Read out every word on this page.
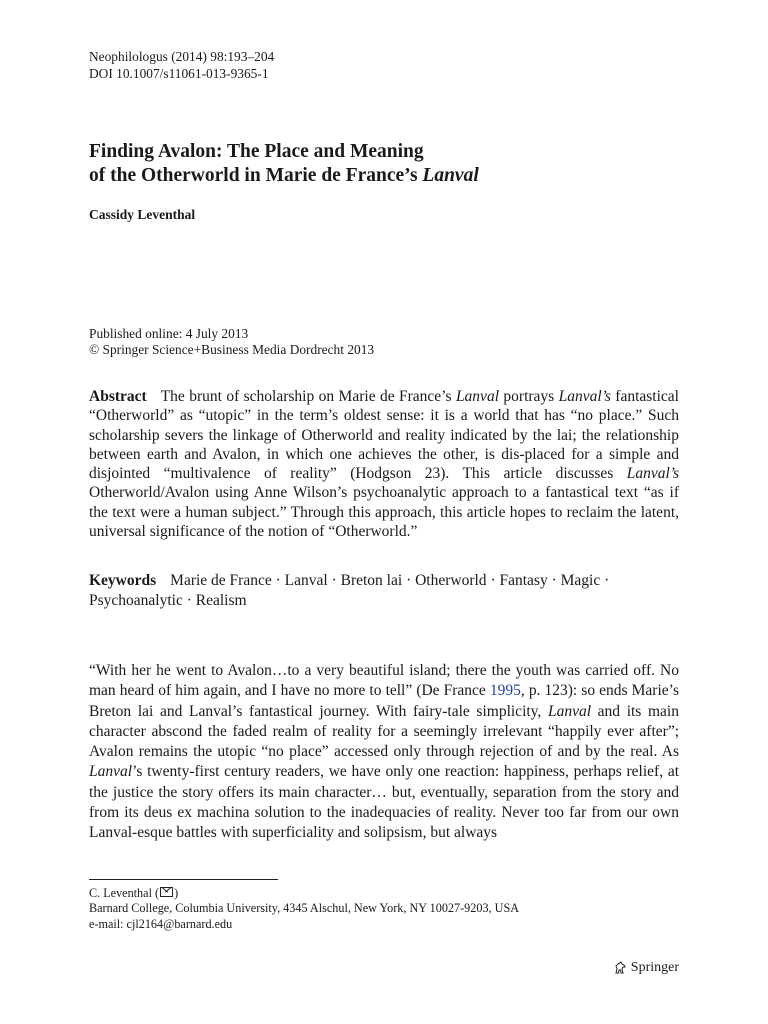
Neophilologus (2014) 98:193–204
DOI 10.1007/s11061-013-9365-1
Finding Avalon: The Place and Meaning
of the Otherworld in Marie de France’s Lanval
Cassidy Leventhal
Published online: 4 July 2013
© Springer Science+Business Media Dordrecht 2013
Abstract The brunt of scholarship on Marie de France’s Lanval portrays Lanval’s fantastical “Otherworld” as “utopic” in the term’s oldest sense: it is a world that has “no place.” Such scholarship severs the linkage of Otherworld and reality indicated by the lai; the relationship between earth and Avalon, in which one achieves the other, is dis-placed for a simple and disjointed “multivalence of reality” (Hodgson 23). This article discusses Lanval’s Otherworld/Avalon using Anne Wilson’s psychoanalytic approach to a fantastical text “as if the text were a human subject.” Through this approach, this article hopes to reclaim the latent, universal significance of the notion of “Otherworld.”
Keywords Marie de France · Lanval · Breton lai · Otherworld · Fantasy · Magic · Psychoanalytic · Realism
“With her he went to Avalon…to a very beautiful island; there the youth was carried off. No man heard of him again, and I have no more to tell” (De France 1995, p. 123): so ends Marie’s Breton lai and Lanval’s fantastical journey. With fairy-tale simplicity, Lanval and its main character abscond the faded realm of reality for a seemingly irrelevant “happily ever after”; Avalon remains the utopic “no place” accessed only through rejection of and by the real. As Lanval’s twenty-first century readers, we have only one reaction: happiness, perhaps relief, at the justice the story offers its main character… but, eventually, separation from the story and from its deus ex machina solution to the inadequacies of reality. Never too far from our own Lanval-esque battles with superficiality and solipsism, but always
C. Leventhal ( )
Barnard College, Columbia University, 4345 Alschul, New York, NY 10027-9203, USA
e-mail: cjl2164@barnard.edu
Springer
